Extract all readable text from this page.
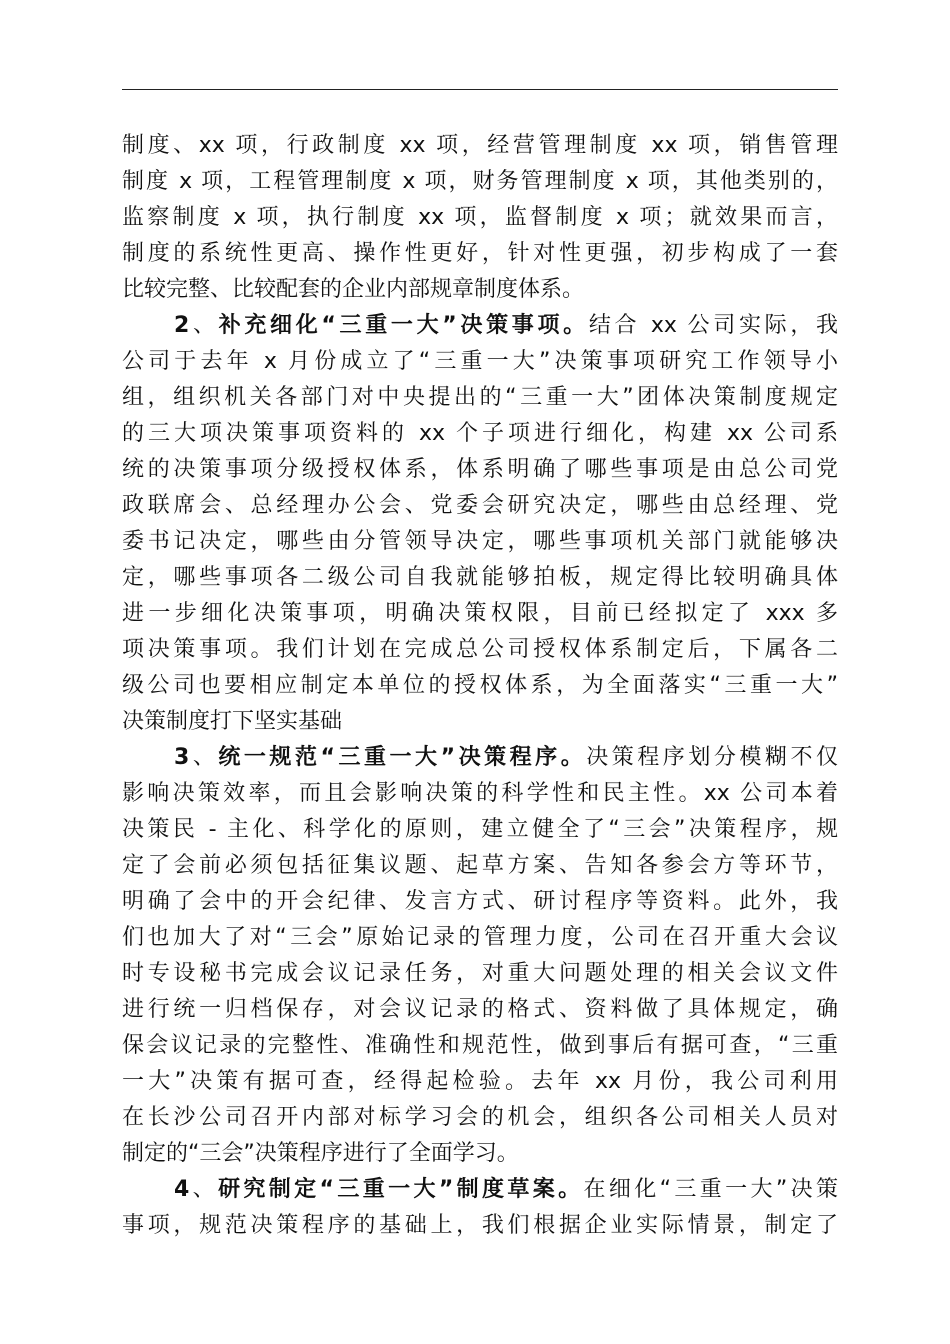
制度、xx 项，行政制度 xx 项，经营管理制度 xx 项，销售管理
制度 x 项，工程管理制度 x 项，财务管理制度 x 项，其他类别的，
监察制度 x 项，执行制度 xx 项，监督制度 x 项；就效果而言，
制度的系统性更高、操作性更好，针对性更强，初步构成了一套
比较完整、比较配套的企业内部规章制度体系。
2、补充细化“三重一大”决策事项。结合 xx 公司实际，我
公司于去年 x 月份成立了“三重一大”决策事项研究工作领导小
组，组织机关各部门对中央提出的“三重一大”团体决策制度规定
的三大项决策事项资料的 xx 个子项进行细化，构建 xx 公司系
统的决策事项分级授权体系，体系明确了哪些事项是由总公司党
政联席会、总经理办公会、党委会研究决定，哪些由总经理、党
委书记决定，哪些由分管领导决定，哪些事项机关部门就能够决
定，哪些事项各二级公司自我就能够拍板，规定得比较明确具体
进一步细化决策事项，明确决策权限，目前已经拟定了 xxx 多
项决策事项。我们计划在完成总公司授权体系制定后，下属各二
级公司也要相应制定本单位的授权体系，为全面落实“三重一大”
决策制度打下坚实基础
3、统一规范“三重一大”决策程序。决策程序划分模糊不仅
影响决策效率，而且会影响决策的科学性和民主性。xx 公司本着
决策民 - 主化、科学化的原则，建立健全了“三会”决策程序，规
定了会前必须包括征集议题、起草方案、告知各参会方等环节，
明确了会中的开会纪律、发言方式、研讨程序等资料。此外，我
们也加大了对“三会”原始记录的管理力度，公司在召开重大会议
时专设秘书完成会议记录任务，对重大问题处理的相关会议文件
进行统一归档保存，对会议记录的格式、资料做了具体规定，确
保会议记录的完整性、准确性和规范性，做到事后有据可查，“三重
一大”决策有据可查，经得起检验。去年 xx 月份，我公司利用
在长沙公司召开内部对标学习会的机会，组织各公司相关人员对
制定的“三会”决策程序进行了全面学习。
4、研究制定“三重一大”制度草案。在细化“三重一大”决策
事项，规范决策程序的基础上，我们根据企业实际情景，制定了
